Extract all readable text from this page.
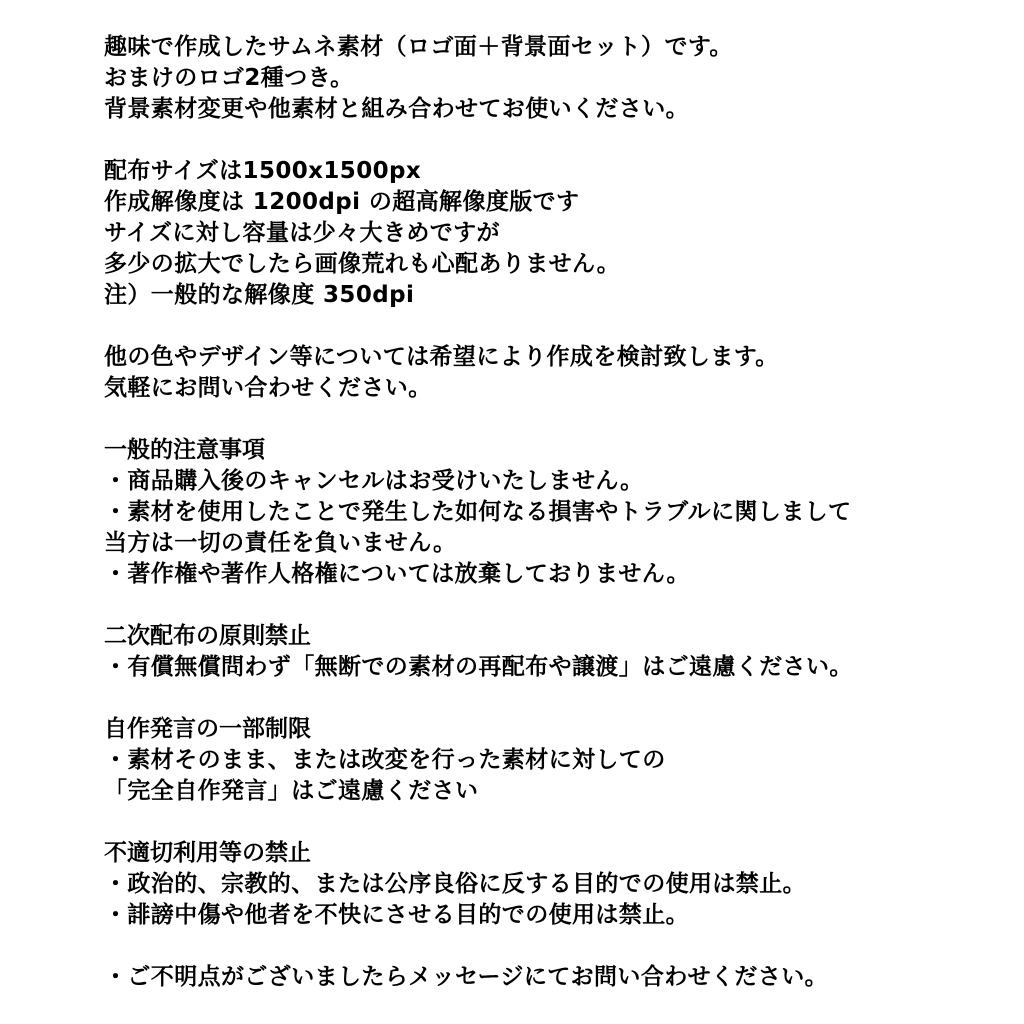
趣味で作成したサムネ素材（ロゴ面＋背景面セット）です。
おまけのロゴ2種つき。
背景素材変更や他素材と組み合わせてお使いください。
配布サイズは1500x1500px
作成解像度は 1200dpi の超高解像度版です
サイズに対し容量は少々大きめですが
多少の拡大でしたら画像荒れも心配ありません。
注）一般的な解像度 350dpi
他の色やデザイン等については希望により作成を検討致します。
気軽にお問い合わせください。
一般的注意事項
・商品購入後のキャンセルはお受けいたしません。
・素材を使用したことで発生した如何なる損害やトラブルに関しまして
当方は一切の責任を負いません。
・著作権や著作人格権については放棄しておりません。
二次配布の原則禁止
・有償無償問わず「無断での素材の再配布や譲渡」はご遠慮ください。
自作発言の一部制限
・素材そのまま、または改変を行った素材に対しての
「完全自作発言」はご遠慮ください
不適切利用等の禁止
・政治的、宗教的、または公序良俗に反する目的での使用は禁止。
・誹謗中傷や他者を不快にさせる目的での使用は禁止。
・ご不明点がございましたらメッセージにてお問い合わせください。
